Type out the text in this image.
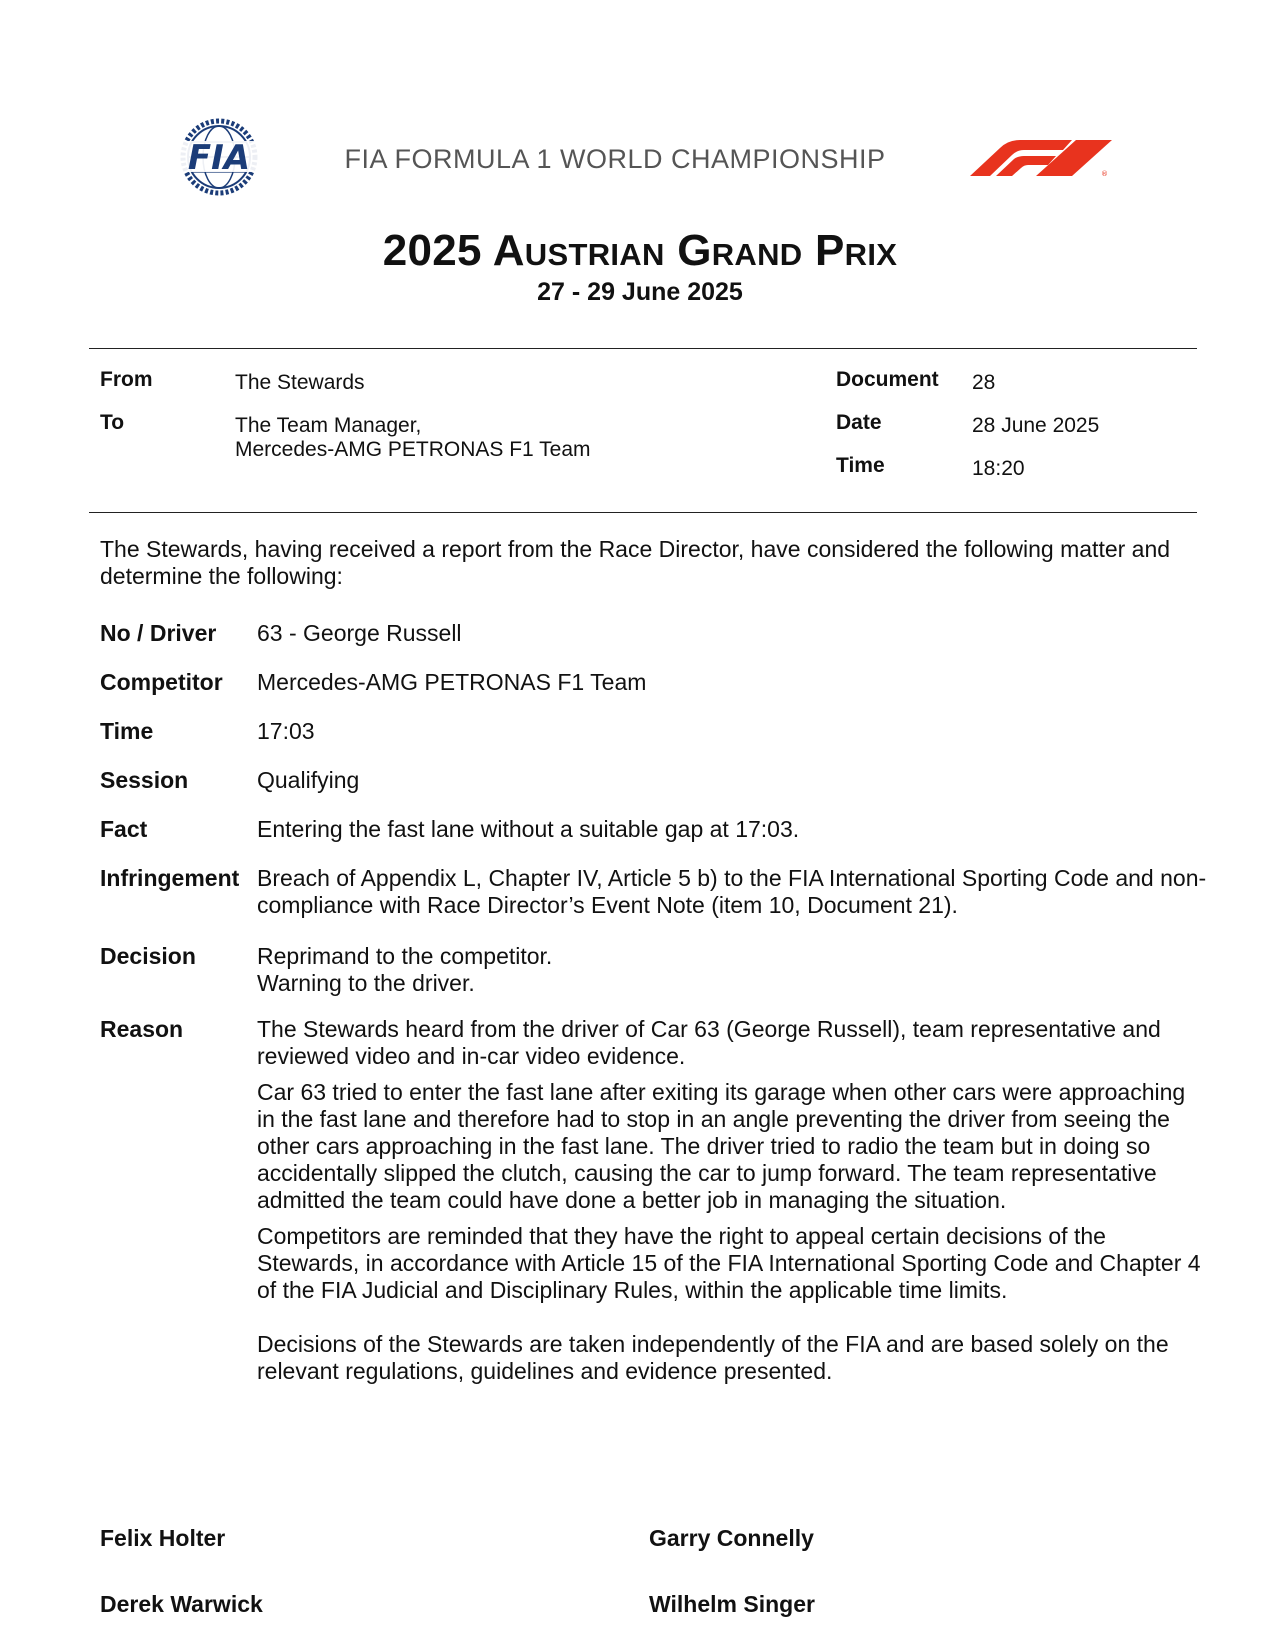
FIA	FIA FORMULA 1 WORLD CHAMPIONSHIP	®
2025 Austrian Grand Prix
27 - 29 June 2025
From	The Stewards
To	The Team Manager,
Mercedes-AMG PETRONAS F1 Team
Document 28
Date	28 June 2025
Time	18:20
The Stewards, having received a report from the Race Director, have considered the following matter and determine the following:
No / Driver 63 - George Russell
Competitor Mercedes-AMG PETRONAS F1 Team
Time	17:03
Session	Qualifying
Fact	Entering the fast lane without a suitable gap at 17:03.
Infringement Breach of Appendix L, Chapter IV, Article 5 b) to the FIA International Sporting Code and non-compliance with Race Director’s Event Note (item 10, Document 21).
Decision	Reprimand to the competitor.
Warning to the driver.
Reason	The Stewards heard from the driver of Car 63 (George Russell), team representative and reviewed video and in-car video evidence.

Car 63 tried to enter the fast lane after exiting its garage when other cars were approaching in the fast lane and therefore had to stop in an angle preventing the driver from seeing the other cars approaching in the fast lane. The driver tried to radio the team but in doing so accidentally slipped the clutch, causing the car to jump forward. The team representative admitted the team could have done a better job in managing the situation.

Competitors are reminded that they have the right to appeal certain decisions of the Stewards, in accordance with Article 15 of the FIA International Sporting Code and Chapter 4 of the FIA Judicial and Disciplinary Rules, within the applicable time limits.

Decisions of the Stewards are taken independently of the FIA and are based solely on the relevant regulations, guidelines and evidence presented.

Felix Holter	Garry Connelly
Derek Warwick	Wilhelm Singer
